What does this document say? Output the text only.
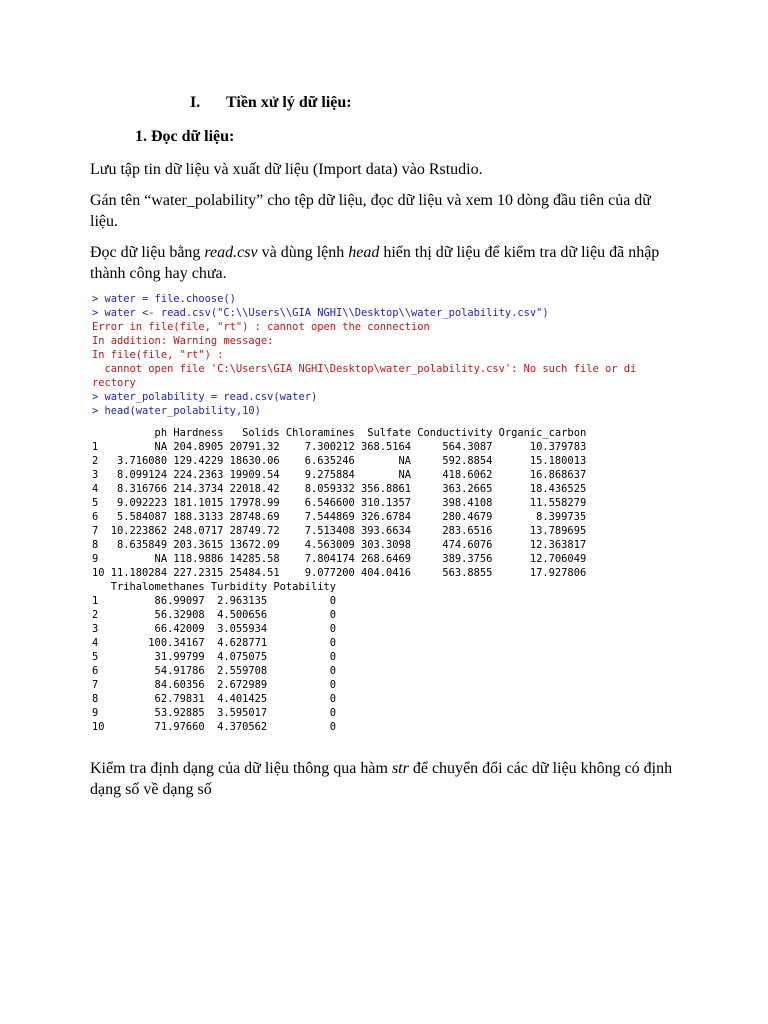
I. Tiền xử lý dữ liệu:
1. Đọc dữ liệu:
Lưu tập tin dữ liệu và xuất dữ liệu (Import data) vào Rstudio.
Gán tên “water_polability” cho tệp dữ liệu, đọc dữ liệu và xem 10 dòng đầu tiên của dữ liệu.
Đọc dữ liệu bằng read.csv và dùng lệnh head hiển thị dữ liệu để kiểm tra dữ liệu đã nhập thành công hay chưa.
> water = file.choose()
> water <- read.csv("C:\\Users\\GIA NGHI\\Desktop\\water_polability.csv")
Error in file(file, "rt") : cannot open the connection
In addition: Warning message:
In file(file, "rt") :
cannot open file 'C:\Users\GIA NGHI\Desktop\water_polability.csv': No such file or di
rectory
> water_polability = read.csv(water)
> head(water_polability,10)
ph Hardness   Solids Chloramines  Sulfate Conductivity Organic_carbon
1         NA 204.8905 20791.32    7.300212 368.5164     564.3087      10.379783
2   3.716080 129.4229 18630.06    6.635246       NA     592.8854      15.180013
3   8.099124 224.2363 19909.54    9.275884       NA     418.6062      16.868637
4   8.316766 214.3734 22018.42    8.059332 356.8861     363.2665      18.436525
5   9.092223 181.1015 17978.99    6.546600 310.1357     398.4108      11.558279
6   5.584087 188.3133 28748.69    7.544869 326.6784     280.4679       8.399735
7  10.223862 248.0717 28749.72    7.513408 393.6634     283.6516      13.789695
8   8.635849 203.3615 13672.09    4.563009 303.3098     474.6076      12.363817
9         NA 118.9886 14285.58    7.804174 268.6469     389.3756      12.706049
10 11.180284 227.2315 25484.51    9.077200 404.0416     563.8855      17.927806
Trihalomethanes Turbidity Potability
1         86.99097  2.963135          0
2         56.32908  4.500656          0
3         66.42009  3.055934          0
4        100.34167  4.628771          0
5         31.99799  4.075075          0
6         54.91786  2.559708          0
7         84.60356  2.672989          0
8         62.79831  4.401425          0
9         53.92885  3.595017          0
10        71.97660  4.370562          0
Kiểm tra định dạng của dữ liệu thông qua hàm str để chuyển đổi các dữ liệu không có định dạng số về dạng số
